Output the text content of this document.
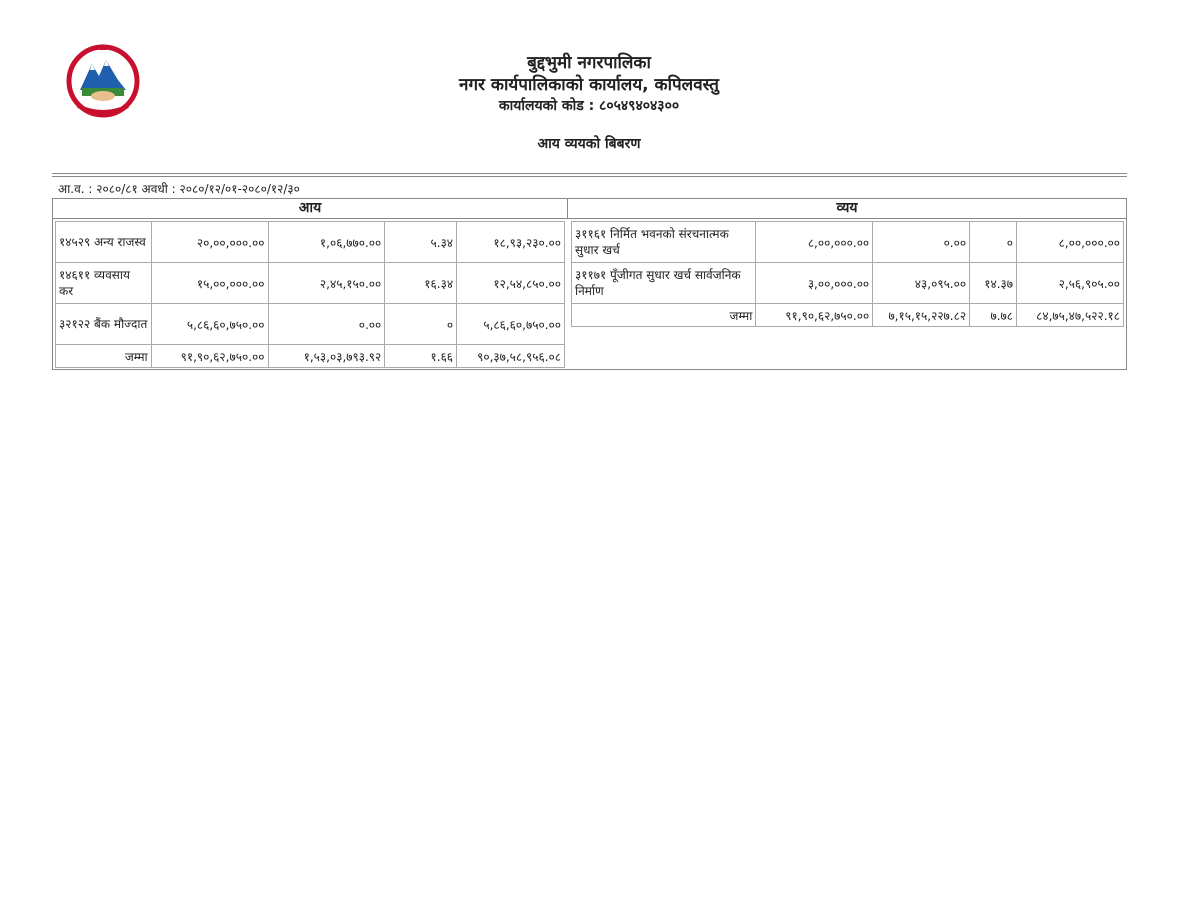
बुद्दभुमी नगरपालिका
नगर कार्यपालिकाको कार्यालय, कपिलवस्तु
कार्यालयको कोड : ८०५४९४०४३००
आय व्ययको बिबरण
आ.व. : २०८०/८१ अवधी : २०८०/१२/०१-२०८०/१२/३०
आय	व्यय
१४५२९ अन्य राजस्व	२०,००,०००.००	१,०६,७७०.००	५.३४	१८,९३,२३०.००
१४६११ व्यवसाय कर	१५,००,०००.००	२,४५,१५०.००	१६.३४	१२,५४,८५०.००
३२१२२ बैंक मौज्दात	५,८६,६०,७५०.००	०.००	०	५,८६,६०,७५०.००
जम्मा	९१,९०,६२,७५०.००	१,५३,०३,७९३.९२	१.६६	९०,३७,५८,९५६.०८
३११६१ निर्मित भवनको संरचनात्मक सुधार खर्च	८,००,०००.००	०.००	०	८,००,०००.००
३११७१ पूँजीगत सुधार खर्च सार्वजनिक निर्माण	३,००,०००.००	४३,०९५.००	१४.३७	२,५६,९०५.००
जम्मा	९१,९०,६२,७५०.००	७,१५,१५,२२७.८२	७.७८	८४,७५,४७,५२२.१८
